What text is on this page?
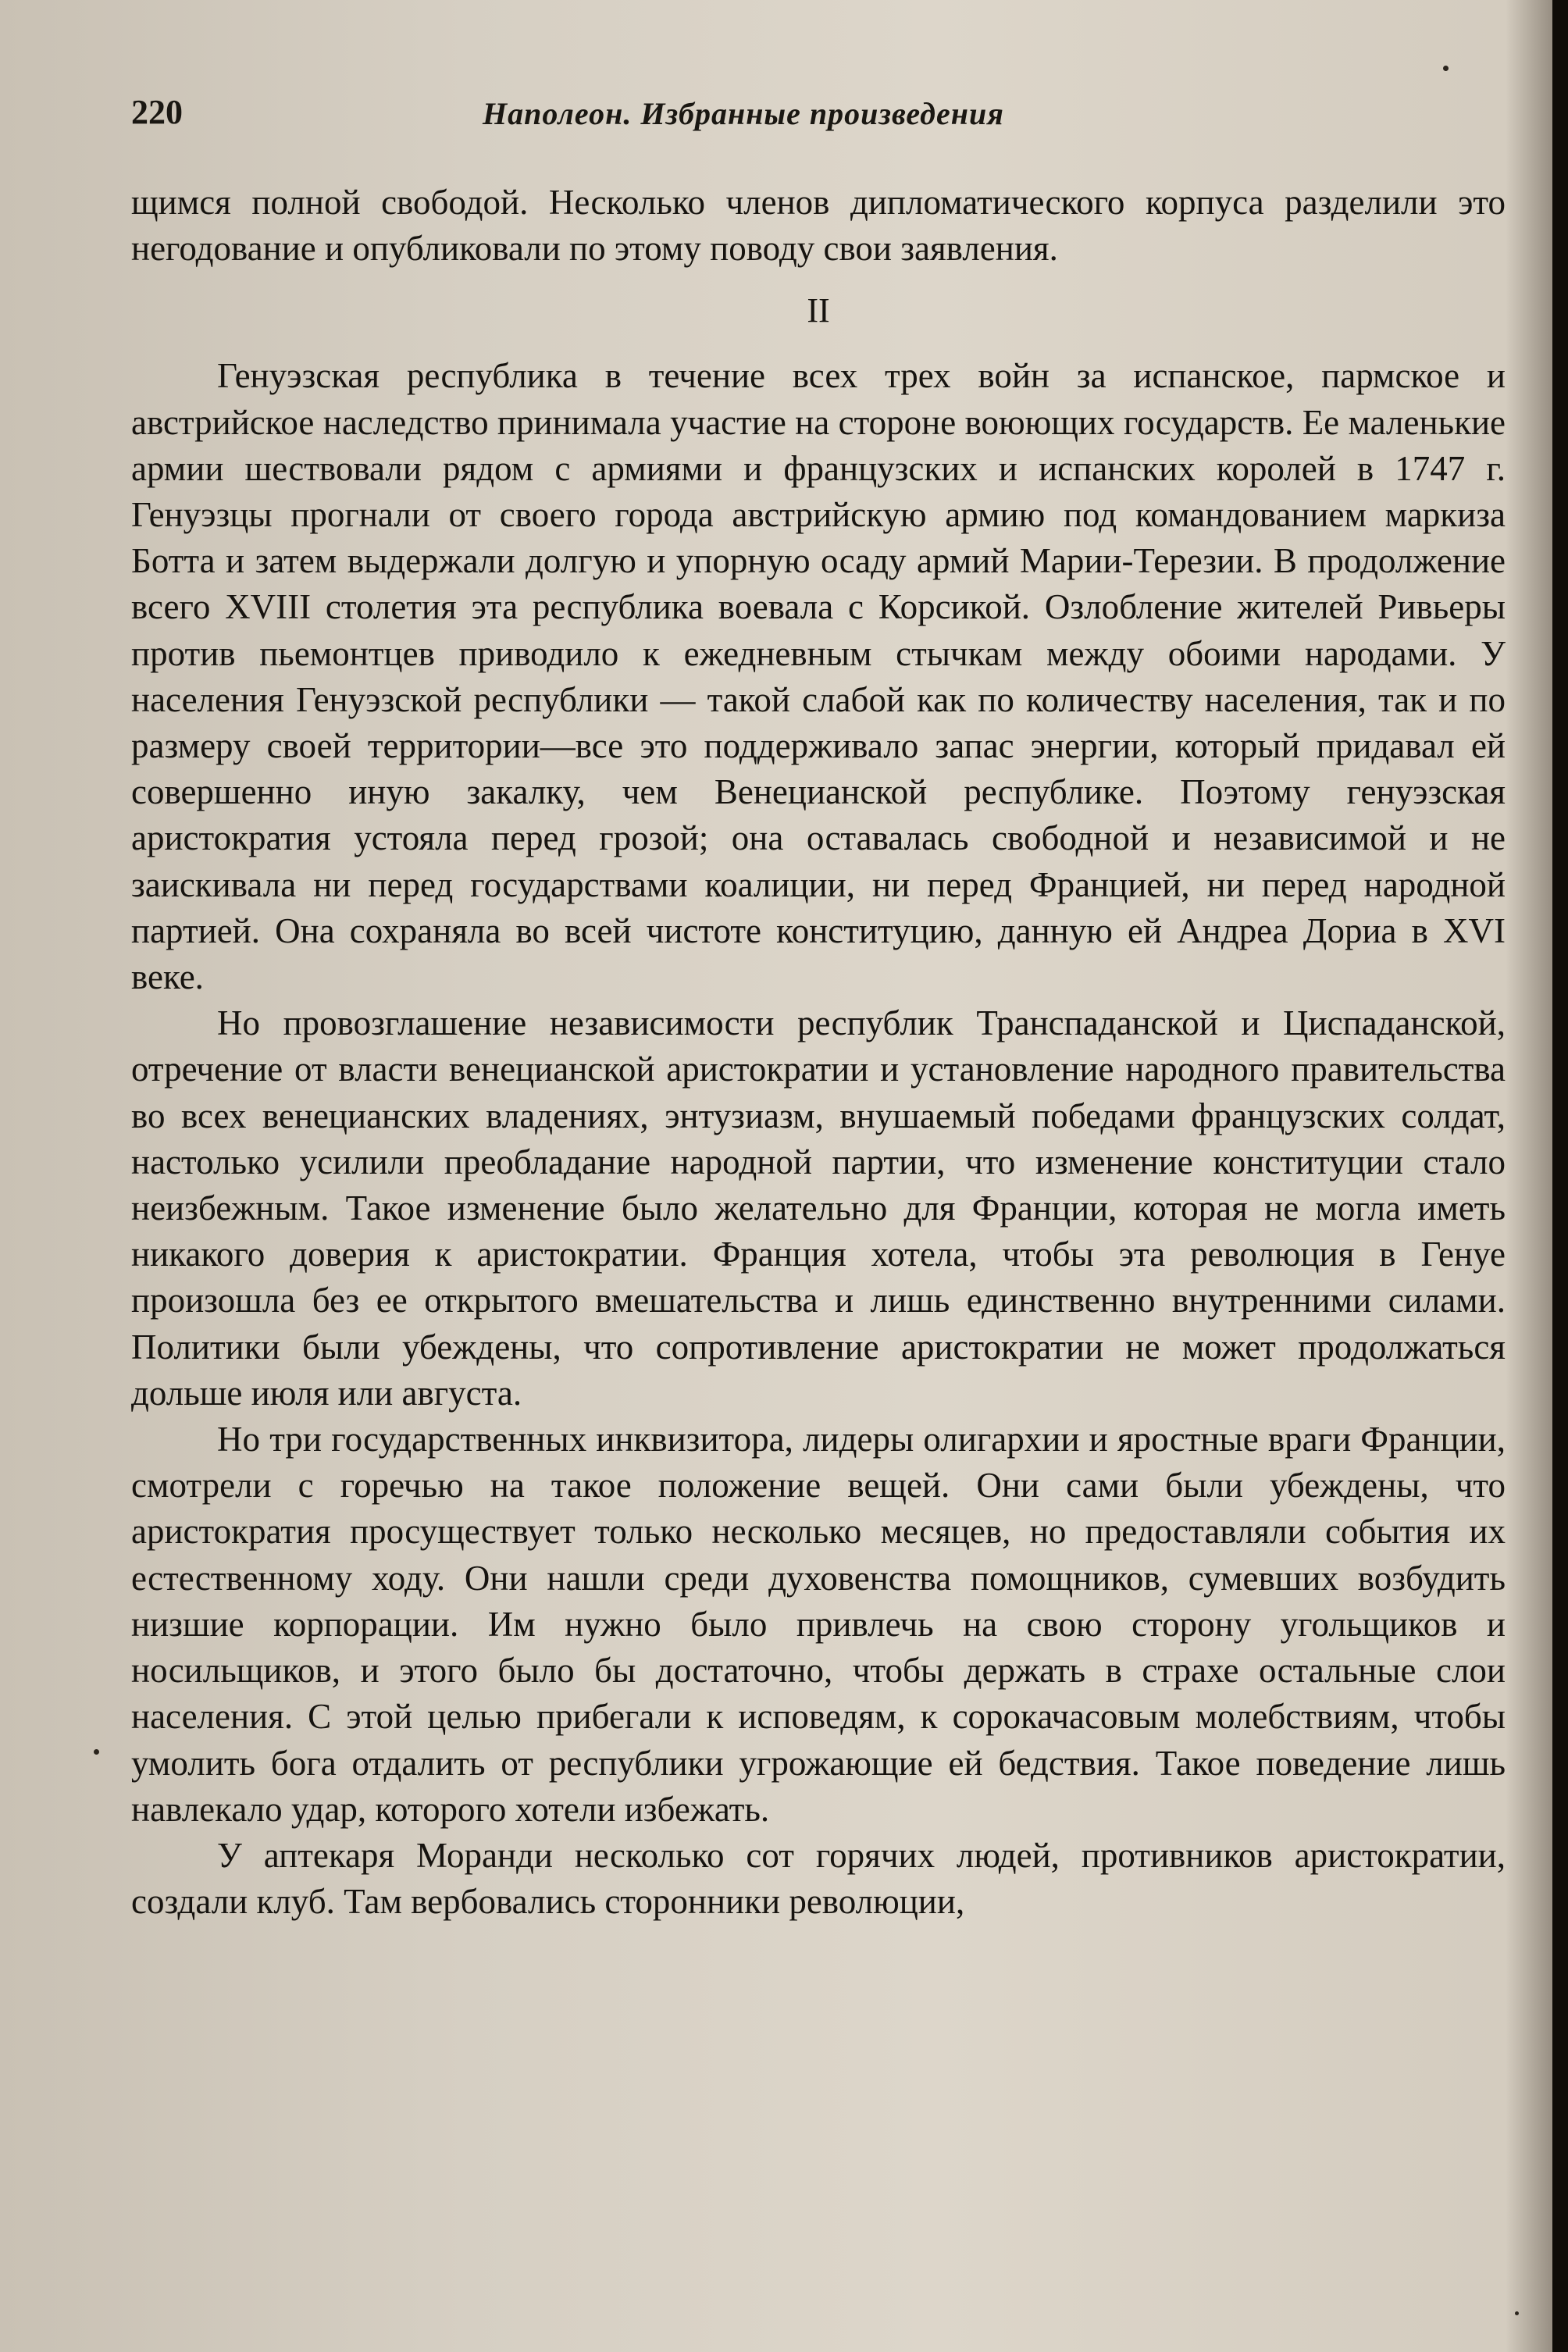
220	Наполеон. Избранные произведения

щимся полной свободой. Несколько членов дипломатического корпуса разделили это негодование и опубликовали по этому поводу свои заявления.

II

Генуэзская республика в течение всех трех войн за испанское, пармское и австрийское наследство принимала участие на стороне воюющих государств. Ее маленькие армии шествовали рядом с армиями и французских и испанских королей в 1747 г. Генуэзцы прогнали от своего города австрийскую армию под командованием маркиза Ботта и затем выдержали долгую и упорную осаду армий Марии-Терезии. В продолжение всего XVIII столетия эта республика воевала с Корсикой. Озлобление жителей Ривьеры против пьемонтцев приводило к ежедневным стычкам между обоими народами. У населения Генуэзской республики — такой слабой как по количеству населения, так и по размеру своей территории—все это поддерживало запас энергии, который придавал ей совершенно иную закалку, чем Венецианской республике. Поэтому генуэзская аристократия устояла перед грозой; она оставалась свободной и независимой и не заискивала ни перед государствами коалиции, ни перед Францией, ни перед народной партией. Она сохраняла во всей чистоте конституцию, данную ей Андреа Дориа в XVI веке.

Но провозглашение независимости республик Транспаданской и Циспаданской, отречение от власти венецианской аристократии и установление народного правительства во всех венецианских владениях, энтузиазм, внушаемый победами французских солдат, настолько усилили преобладание народной партии, что изменение конституции стало неизбежным. Такое изменение было желательно для Франции, которая не могла иметь никакого доверия к аристократии. Франция хотела, чтобы эта революция в Генуе произошла без ее открытого вмешательства и лишь единственно внутренними силами. Политики были убеждены, что сопротивление аристократии не может продолжаться дольше июля или августа.

Но три государственных инквизитора, лидеры олигархии и яростные враги Франции, смотрели с горечью на такое положение вещей. Они сами были убеждены, что аристократия просуществует только несколько месяцев, но предоставляли события их естественному ходу. Они нашли среди духовенства помощников, сумевших возбудить низшие корпорации. Им нужно было привлечь на свою сторону угольщиков и носильщиков, и этого было бы достаточно, чтобы держать в страхе остальные слои населения. С этой целью прибегали к исповедям, к сорокачасовым молебствиям, чтобы умолить бога отдалить от республики угрожающие ей бедствия. Такое поведение лишь навлекало удар, которого хотели избежать.

У аптекаря Моранди несколько сот горячих людей, противников аристократии, создали клуб. Там вербовались сторонники революции,
